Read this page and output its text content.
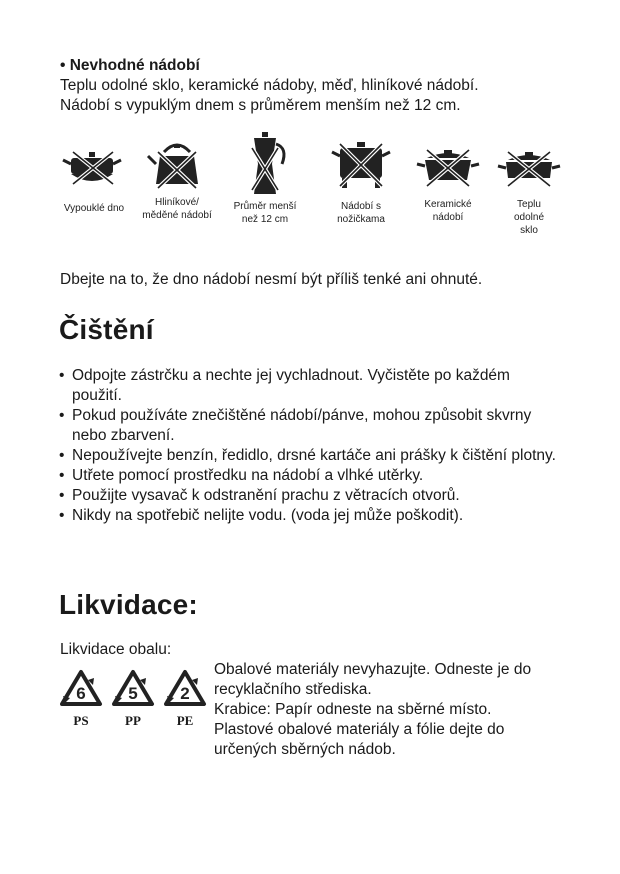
• Nevhodné nádobí
Teplu odolné sklo, keramické nádoby, měď, hliníkové nádobí.
Nádobí s vypuklým dnem s průměrem menším než 12 cm.
Vypouklé dno
Hliníkové/ měděné nádobí
Průměr menší než 12 cm
Nádobí s nožičkama
Keramické nádobí
Teplu odolné sklo
Dbejte na to, že dno nádobí nesmí být příliš tenké ani ohnuté.
Čištění
• Odpojte zástrčku a nechte jej vychladnout. Vyčistěte po každém použití.
• Pokud používáte znečištěné nádobí/pánve, mohou způsobit skvrny nebo zbarvení.
• Nepoužívejte benzín, ředidlo, drsné kartáče ani prášky k čištění plotny.
• Utřete pomocí prostředku na nádobí a vlhké utěrky.
• Použijte vysavač k odstranění prachu z větracích otvorů.
• Nikdy na spotřebič nelijte vodu. (voda jej může poškodit).
Likvidace:
Likvidace obalu:
6
PS
5
PP
2
PE
Obalové materiály nevyhazujte. Odneste je do
recyklačního střediska.
Krabice: Papír odneste na sběrné místo.
Plastové obalové materiály a fólie dejte do
určených sběrných nádob.
